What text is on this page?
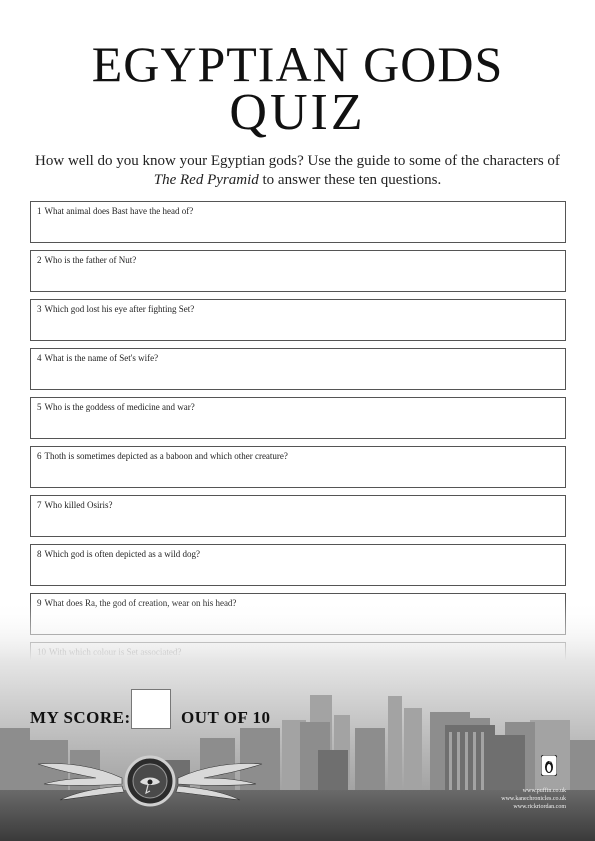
EGYPTIAN GODS
QUIZ

How well do you know your Egyptian gods? Use the guide to some of the characters of The Red Pyramid to answer these ten questions.

1 What animal does Bast have the head of?
2 Who is the father of Nut?
3 Which god lost his eye after fighting Set?
4 What is the name of Set's wife?
5 Who is the goddess of medicine and war?
6 Thoth is sometimes depicted as a baboon and which other creature?
7 Who killed Osiris?
8 Which god is often depicted as a wild dog?
MY SCORE:	OUT OF 10
www.puffin.co.uk
www.kanechronicles.co.uk
www.rickriordan.com
